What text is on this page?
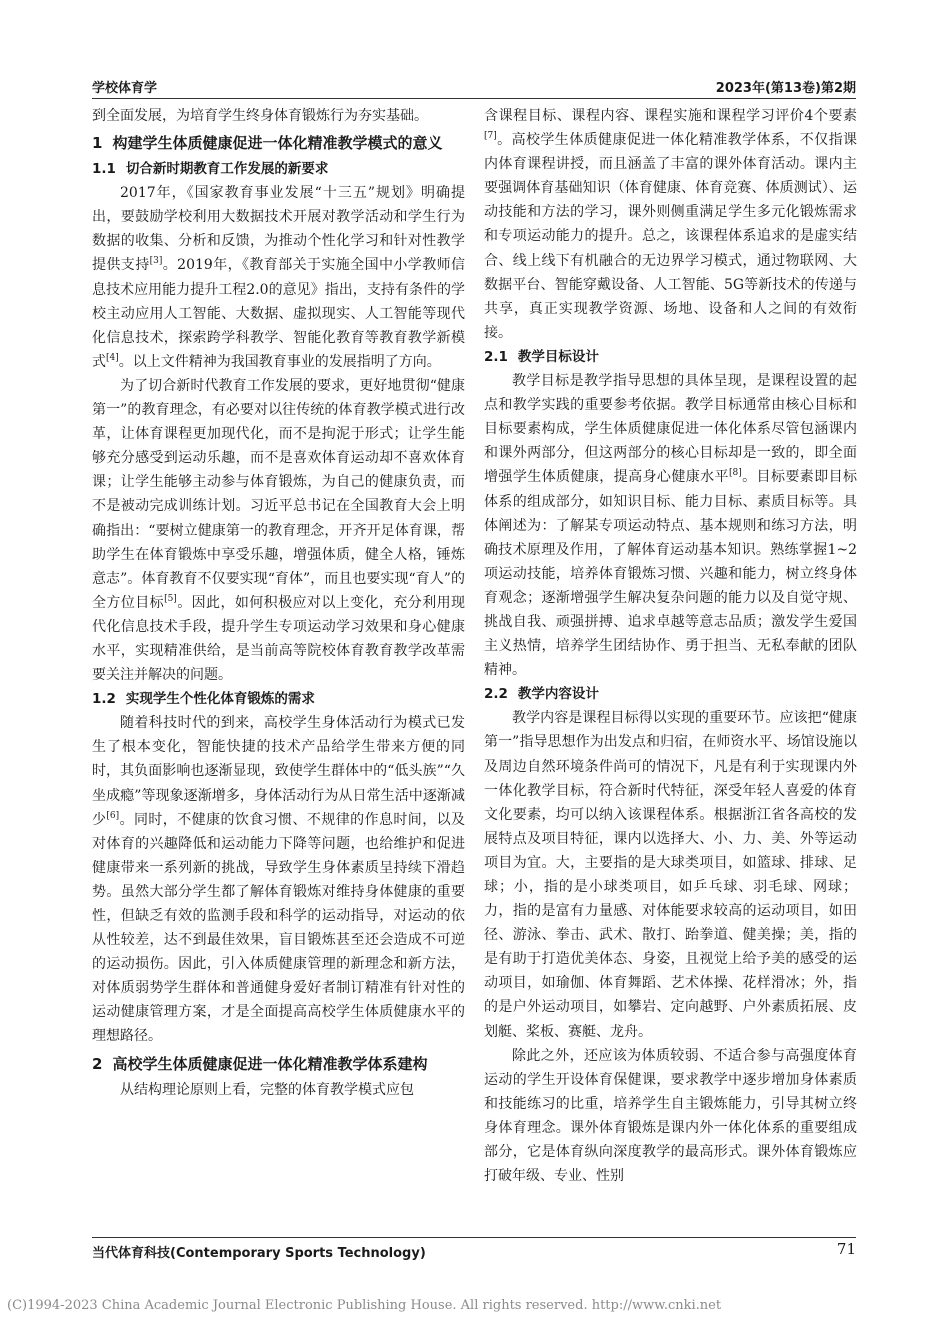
学校体育学	2023年(第13卷)第2期

到全面发展，为培育学生终身体育锻炼行为夯实基础。

1 构建学生体质健康促进一体化精准教学模式的意义
1.1 切合新时期教育工作发展的新要求

2017年，《国家教育事业发展“十三五”规划》明确提出，要鼓励学校利用大数据技术开展对教学活动和学生行为数据的收集、分析和反馈，为推动个性化学习和针对性教学提供支持[3]。2019年，《教育部关于实施全国中小学教师信息技术应用能力提升工程2.0的意见》指出，支持有条件的学校主动应用人工智能、大数据、虚拟现实、人工智能等现代化信息技术，探索跨学科教学、智能化教育等教育教学新模式[4]。以上文件精神为我国教育事业的发展指明了方向。

为了切合新时代教育工作发展的要求，更好地贯彻“健康第一”的教育理念，有必要对以往传统的体育教学模式进行改革，让体育课程更加现代化，而不是拘泥于形式；让学生能够充分感受到运动乐趣，而不是喜欢体育运动却不喜欢体育课；让学生能够主动参与体育锻炼，为自己的健康负责，而不是被动完成训练计划。习近平总书记在全国教育大会上明确指出：“要树立健康第一的教育理念，开齐开足体育课，帮助学生在体育锻炼中享受乐趣，增强体质，健全人格，锤炼意志”。体育教育不仅要实现“育体”，而且也要实现“育人”的全方位目标[5]。因此，如何积极应对以上变化，充分利用现代化信息技术手段，提升学生专项运动学习效果和身心健康水平，实现精准供给，是当前高等院校体育教育教学改革需要关注并解决的问题。

1.2 实现学生个性化体育锻炼的需求

随着科技时代的到来，高校学生身体活动行为模式已发生了根本变化，智能快捷的技术产品给学生带来方便的同时，其负面影响也逐渐显现，致使学生群体中的“低头族”“久坐成瘾”等现象逐渐增多，身体活动行为从日常生活中逐渐减少[6]。同时，不健康的饮食习惯、不规律的作息时间，以及对体育的兴趣降低和运动能力下降等问题，也给维护和促进健康带来一系列新的挑战，导致学生身体素质呈持续下滑趋势。虽然大部分学生都了解体育锻炼对维持身体健康的重要性，但缺乏有效的监测手段和科学的运动指导，对运动的依从性较差，达不到最佳效果，盲目锻炼甚至还会造成不可逆的运动损伤。因此，引入体质健康管理的新理念和新方法，对体质弱势学生群体和普通健身爱好者制订精准有针对性的运动健康管理方案，才是全面提高高校学生体质健康水平的理想路径。

2 高校学生体质健康促进一体化精准教学体系建构

从结构理论原则上看，完整的体育教学模式应包

含课程目标、课程内容、课程实施和课程学习评价4个要素[7]。高校学生体质健康促进一体化精准教学体系，不仅指课内体育课程讲授，而且涵盖了丰富的课外体育活动。课内主要强调体育基础知识（体育健康、体育竞赛、体质测试）、运动技能和方法的学习，课外则侧重满足学生多元化锻炼需求和专项运动能力的提升。总之，该课程体系追求的是虚实结合、线上线下有机融合的无边界学习模式，通过物联网、大数据平台、智能穿戴设备、人工智能、5G等新技术的传递与共享，真正实现教学资源、场地、设备和人之间的有效衔接。

2.1 教学目标设计

教学目标是教学指导思想的具体呈现，是课程设置的起点和教学实践的重要参考依据。教学目标通常由核心目标和目标要素构成，学生体质健康促进一体化体系尽管包涵课内和课外两部分，但这两部分的核心目标却是一致的，即全面增强学生体质健康，提高身心健康水平[8]。目标要素即目标体系的组成部分，如知识目标、能力目标、素质目标等。具体阐述为：了解某专项运动特点、基本规则和练习方法，明确技术原理及作用，了解体育运动基本知识。熟练掌握1~2项运动技能，培养体育锻炼习惯、兴趣和能力，树立终身体育观念；逐渐增强学生解决复杂问题的能力以及自觉守规、挑战自我、顽强拼搏、追求卓越等意志品质；激发学生爱国主义热情，培养学生团结协作、勇于担当、无私奉献的团队精神。

2.2 教学内容设计

教学内容是课程目标得以实现的重要环节。应该把“健康第一”指导思想作为出发点和归宿，在师资水平、场馆设施以及周边自然环境条件尚可的情况下，凡是有利于实现课内外一体化教学目标，符合新时代特征，深受年轻人喜爱的体育文化要素，均可以纳入该课程体系。根据浙江省各高校的发展特点及项目特征，课内以选择大、小、力、美、外等运动项目为宜。大，主要指的是大球类项目，如篮球、排球、足球；小，指的是小球类项目，如乒乓球、羽毛球、网球；力，指的是富有力量感、对体能要求较高的运动项目，如田径、游泳、拳击、武术、散打、跆拳道、健美操；美，指的是有助于打造优美体态、身姿，且视觉上给予美的感受的运动项目，如瑜伽、体育舞蹈、艺术体操、花样滑冰；外，指的是户外运动项目，如攀岩、定向越野、户外素质拓展、皮划艇、桨板、赛艇、龙舟。

除此之外，还应该为体质较弱、不适合参与高强度体育运动的学生开设体育保健课，要求教学中逐步增加身体素质和技能练习的比重，培养学生自主锻炼能力，引导其树立终身体育理念。课外体育锻炼是课内外一体化体系的重要组成部分，它是体育纵向深度教学的最高形式。课外体育锻炼应打破年级、专业、性别

当代体育科技(Contemporary Sports Technology)	71
(C)1994-2023 China Academic Journal Electronic Publishing House. All rights reserved. http://www.cnki.net
